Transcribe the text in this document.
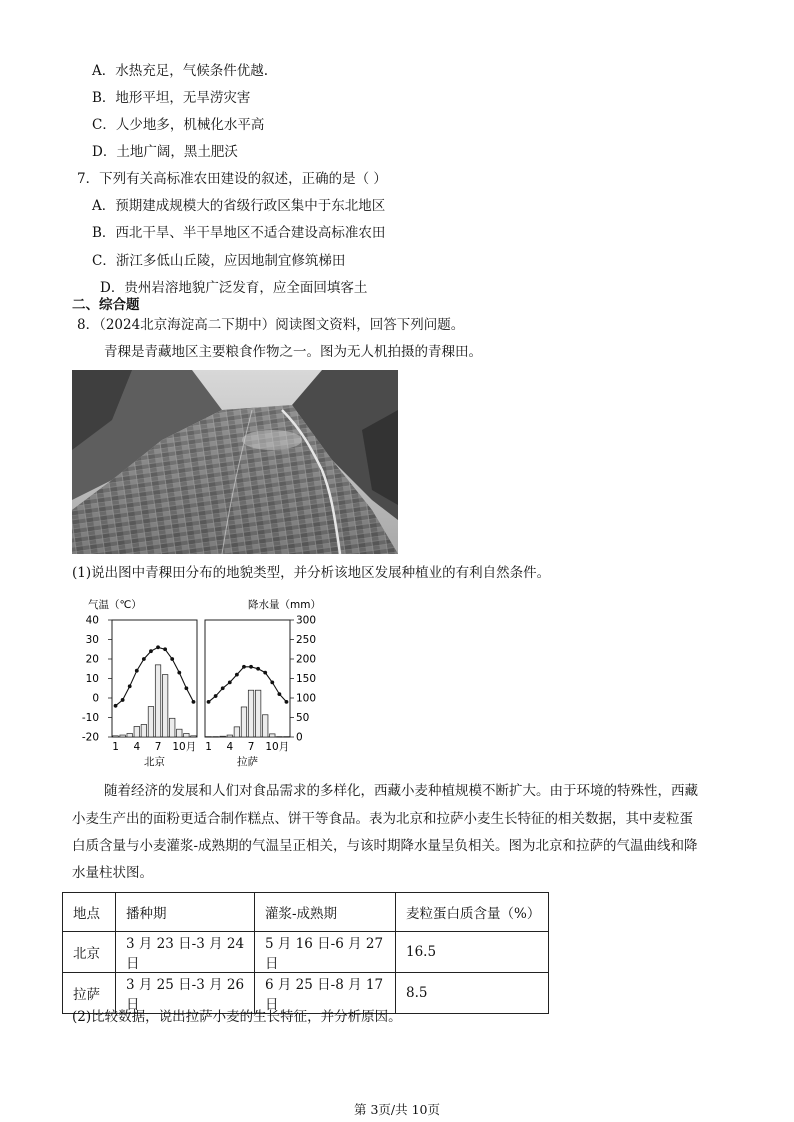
A．水热充足，气候条件优越.
B．地形平坦，无旱涝灾害
C．人少地多，机械化水平高
D．土地广阔，黑土肥沃
7．下列有关高标准农田建设的叙述，正确的是（ ）
A．预期建成规模大的省级行政区集中于东北地区
B．西北干旱、半干旱地区不适合建设高标准农田
C．浙江多低山丘陵，应因地制宜修筑梯田
D．贵州岩溶地貌广泛发育，应全面回填客土
二、综合题
8．（2024北京海淀高二下期中）阅读图文资料，回答下列问题。
青稞是青藏地区主要粮食作物之一。图为无人机拍摄的青稞田。
(1)说出图中青稞田分布的地貌类型，并分析该地区发展种植业的有利自然条件。
气温（℃）	降水量（mm）
40
30
20
10
0
-10
-20
300
250
200
150
100
50
0
1 4 7 10月
北京
1 4 7 10月
拉萨
随着经济的发展和人们对食品需求的多样化，西藏小麦种植规模不断扩大。由于环境的特殊性，西藏
小麦生产出的面粉更适合制作糕点、饼干等食品。表为北京和拉萨小麦生长特征的相关数据，其中麦粒蛋
白质含量与小麦灌浆-成熟期的气温呈正相关，与该时期降水量呈负相关。图为北京和拉萨的气温曲线和降
水量柱状图。
地点	播种期	灌浆-成熟期	麦粒蛋白质含量（%）
北京	3 月 23 日-3 月 24 日	5 月 16 日-6 月 27 日	16.5
拉萨	3 月 25 日-3 月 26 日	6 月 25 日-8 月 17 日	8.5
(2)比较数据，说出拉萨小麦的生长特征，并分析原因。
第 3页/共 10页
